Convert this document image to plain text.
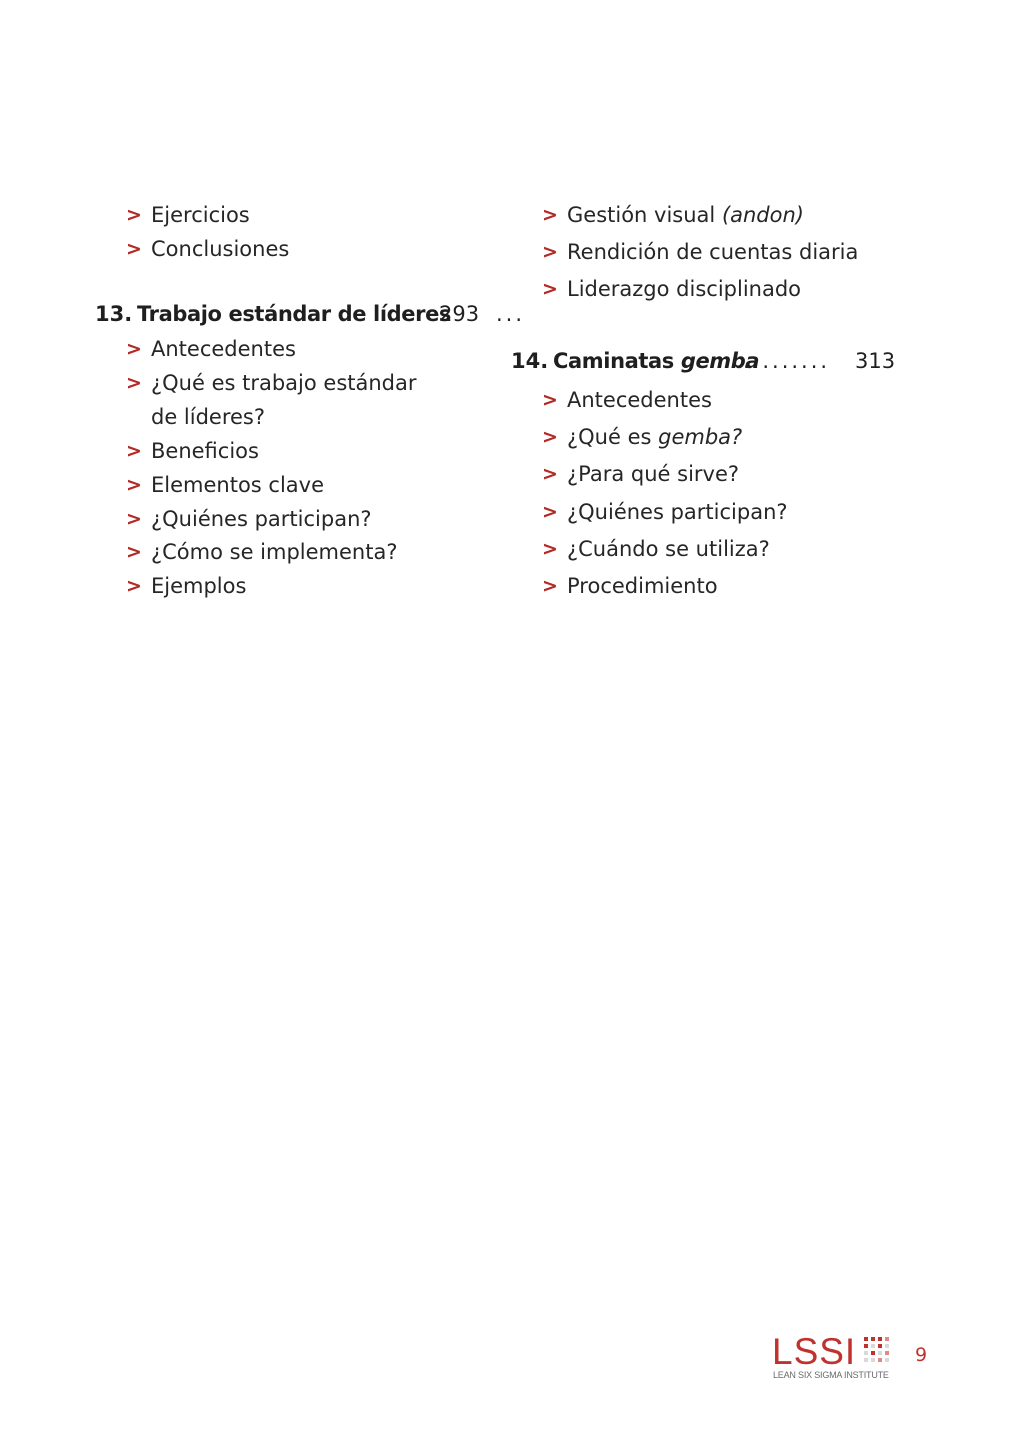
> Ejercicios
> Conclusiones
13. Trabajo estándar de líderes ...
293
> Antecedentes
> ¿Qué es trabajo estándar
de líderes?
> Beneficios
> Elementos clave
> ¿Quiénes participan?
> ¿Cómo se implementa?
> Ejemplos
> Gestión visual (andon)
> Rendición de cuentas diaria
> Liderazgo disciplinado
14. Caminatas gemba
......... 313
> Antecedentes
> ¿Qué es gemba?
> ¿Para qué sirve?
> ¿Quiénes participan?
> ¿Cuándo se utiliza?
> Procedimiento
LSSI
LEAN SIX SIGMA INSTITUTE
9
